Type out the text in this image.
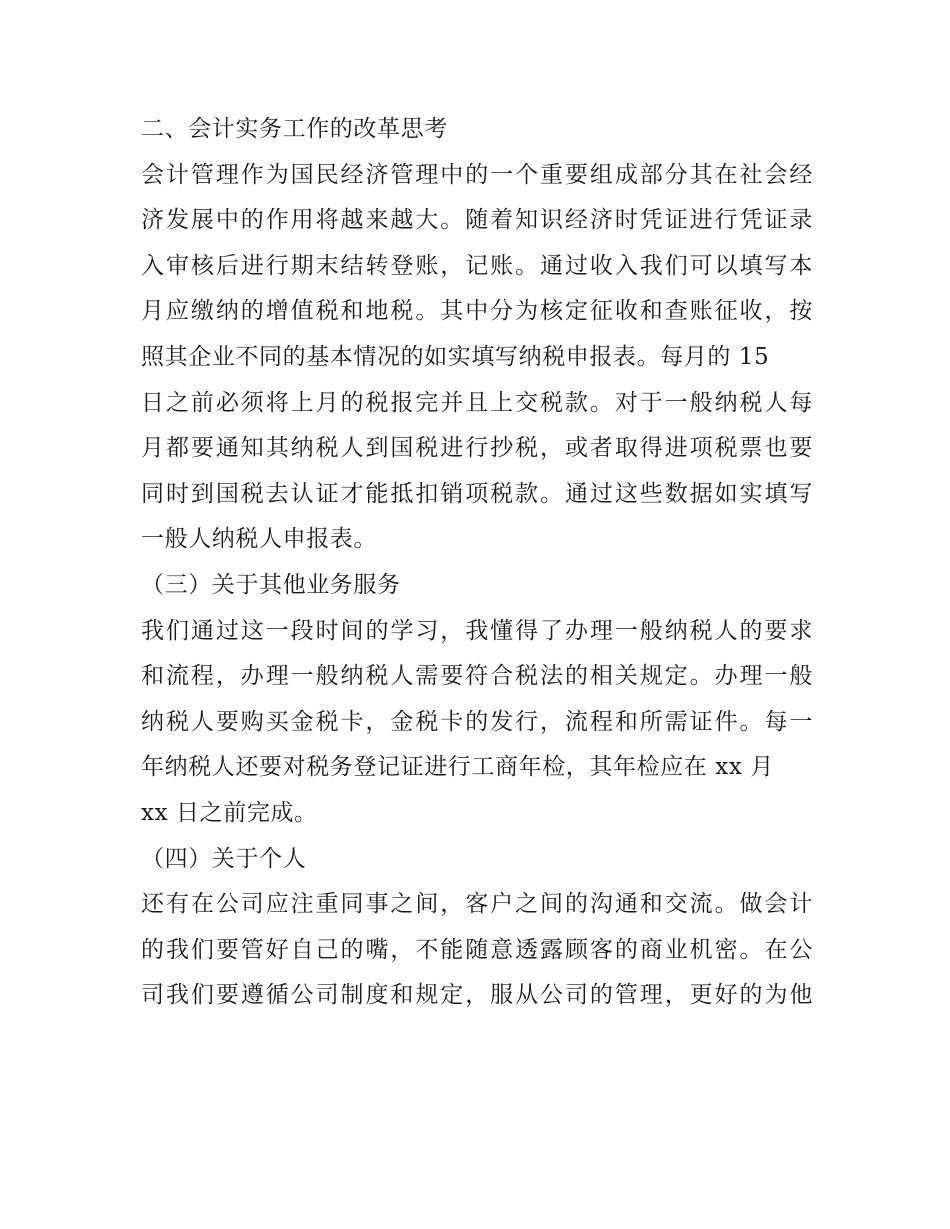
二、会计实务工作的改革思考
会计管理作为国民经济管理中的一个重要组成部分其在社会经
济发展中的作用将越来越大。随着知识经济时凭证进行凭证录
入审核后进行期末结转登账，记账。通过收入我们可以填写本
月应缴纳的增值税和地税。其中分为核定征收和查账征收，按
照其企业不同的基本情况的如实填写纳税申报表。每月的 15
日之前必须将上月的税报完并且上交税款。对于一般纳税人每
月都要通知其纳税人到国税进行抄税，或者取得进项税票也要
同时到国税去认证才能抵扣销项税款。通过这些数据如实填写
一般人纳税人申报表。
（三）关于其他业务服务
我们通过这一段时间的学习，我懂得了办理一般纳税人的要求
和流程，办理一般纳税人需要符合税法的相关规定。办理一般
纳税人要购买金税卡，金税卡的发行，流程和所需证件。每一
年纳税人还要对税务登记证进行工商年检，其年检应在 xx 月
xx 日之前完成。
（四）关于个人
还有在公司应注重同事之间，客户之间的沟通和交流。做会计
的我们要管好自己的嘴，不能随意透露顾客的商业机密。在公
司我们要遵循公司制度和规定，服从公司的管理，更好的为他
